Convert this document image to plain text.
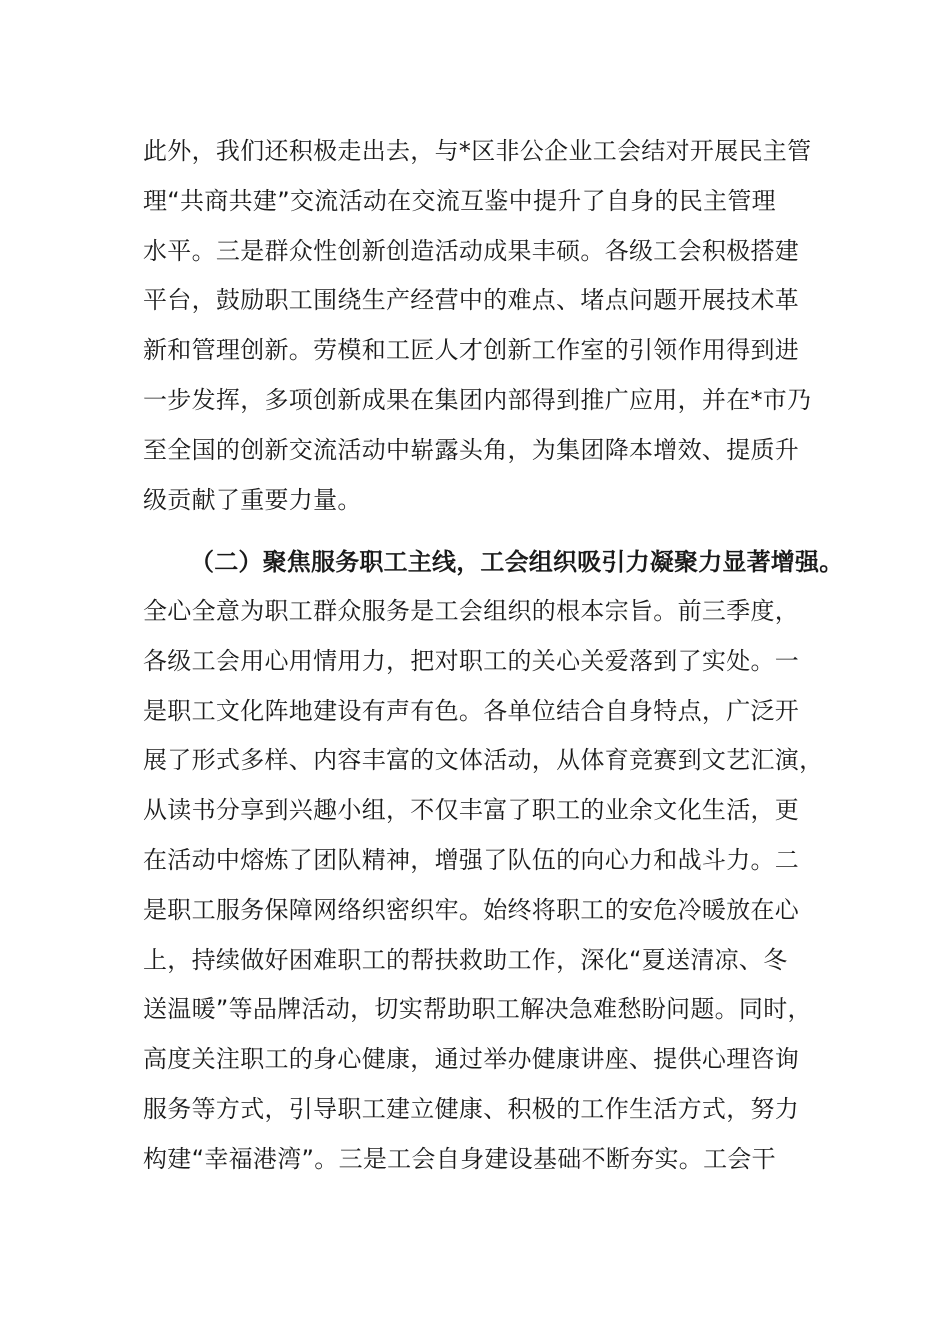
此外，我们还积极走出去，与*区非公企业工会结对开展民主管
理“共商共建”交流活动在交流互鉴中提升了自身的民主管理
水平。三是群众性创新创造活动成果丰硕。各级工会积极搭建
平台，鼓励职工围绕生产经营中的难点、堵点问题开展技术革
新和管理创新。劳模和工匠人才创新工作室的引领作用得到进
一步发挥，多项创新成果在集团内部得到推广应用，并在*市乃
至全国的创新交流活动中崭露头角，为集团降本增效、提质升
级贡献了重要力量。
（二）聚焦服务职工主线，工会组织吸引力凝聚力显著增强。
全心全意为职工群众服务是工会组织的根本宗旨。前三季度，
各级工会用心用情用力，把对职工的关心关爱落到了实处。一
是职工文化阵地建设有声有色。各单位结合自身特点，广泛开
展了形式多样、内容丰富的文体活动，从体育竞赛到文艺汇演，
从读书分享到兴趣小组，不仅丰富了职工的业余文化生活，更
在活动中熔炼了团队精神，增强了队伍的向心力和战斗力。二
是职工服务保障网络织密织牢。始终将职工的安危冷暖放在心
上，持续做好困难职工的帮扶救助工作，深化“夏送清凉、冬
送温暖”等品牌活动，切实帮助职工解决急难愁盼问题。同时，
高度关注职工的身心健康，通过举办健康讲座、提供心理咨询
服务等方式，引导职工建立健康、积极的工作生活方式，努力
构建“幸福港湾”。三是工会自身建设基础不断夯实。工会干
